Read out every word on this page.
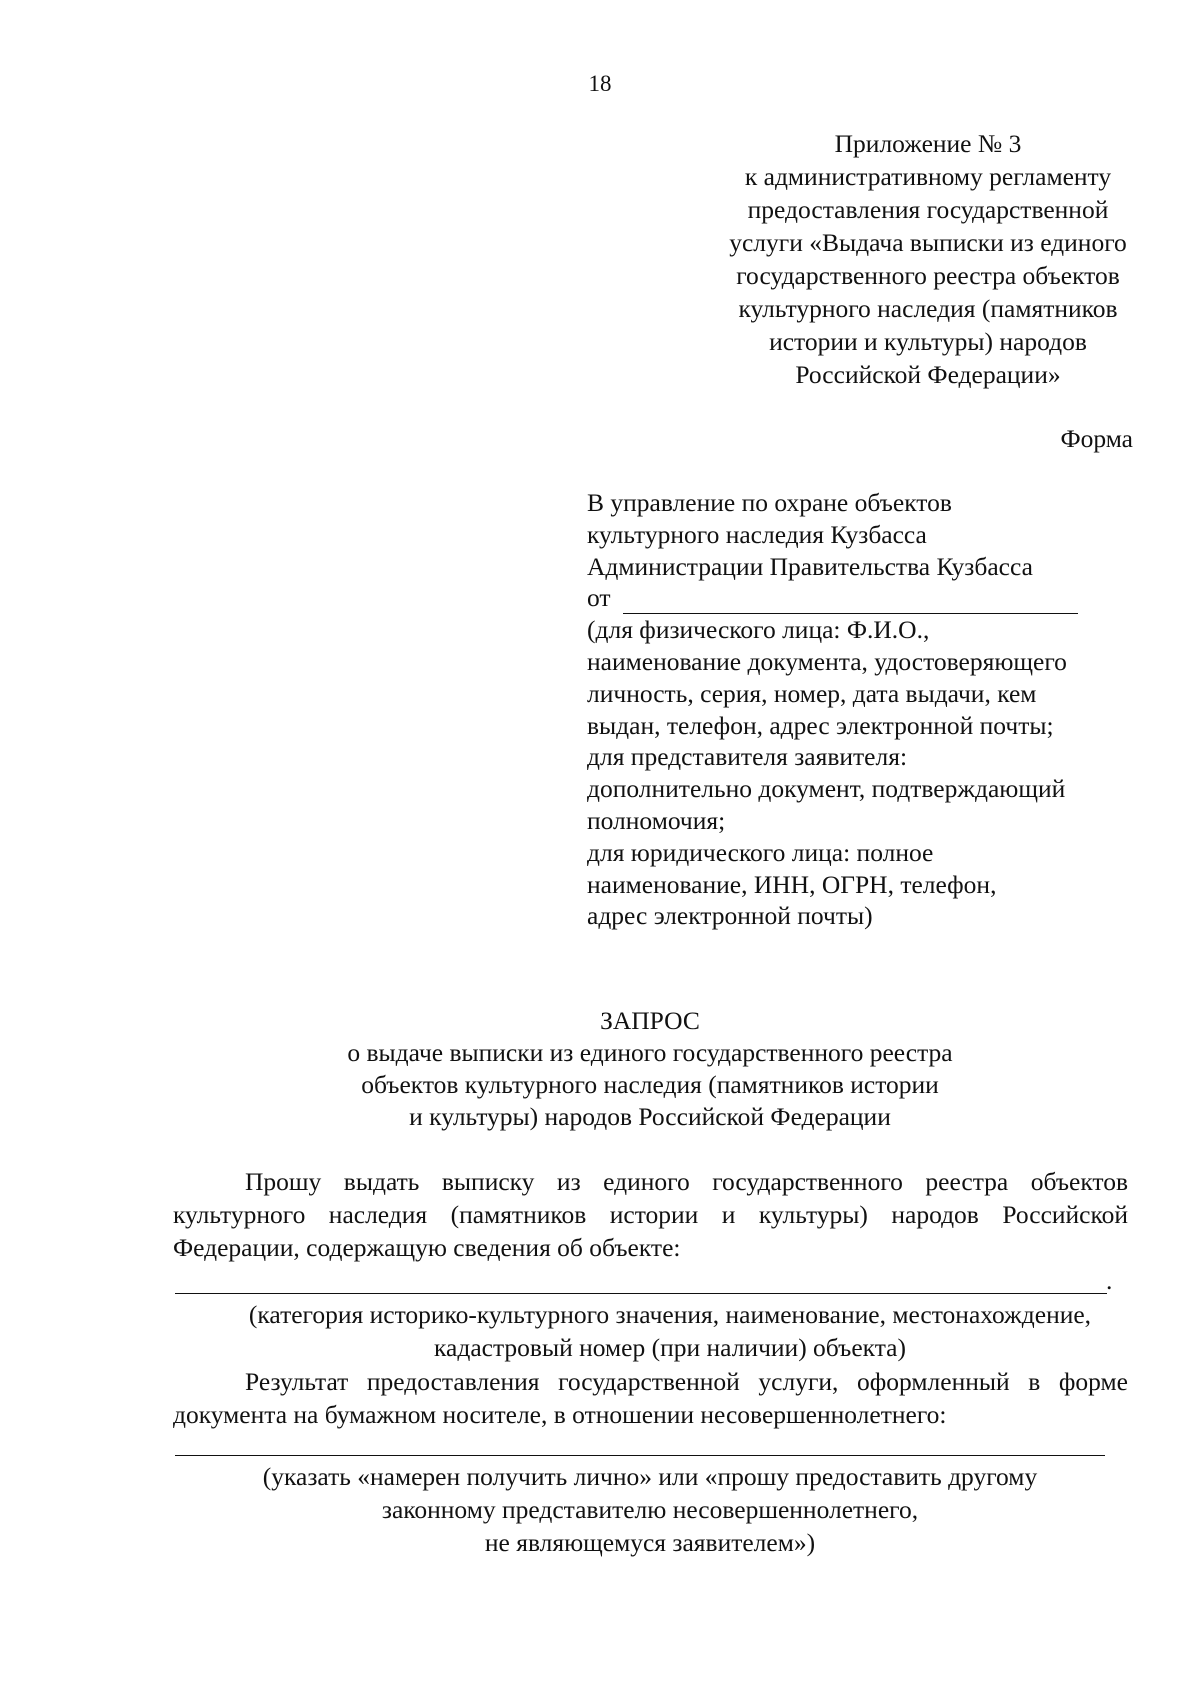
18
Приложение № 3
к административному регламенту
предоставления государственной
услуги «Выдача выписки из единого
государственного реестра объектов
культурного наследия (памятников
истории и культуры) народов
Российской Федерации»
Форма
В управление по охране объектов
культурного наследия Кузбасса
Администрации Правительства Кузбасса
от
(для физического лица: Ф.И.О.,
наименование документа, удостоверяющего
личность, серия, номер, дата выдачи, кем
выдан, телефон, адрес электронной почты;
для представителя заявителя:
дополнительно документ, подтверждающий
полномочия;
для юридического лица: полное
наименование, ИНН, ОГРН, телефон,
адрес электронной почты)
ЗАПРОС
о выдаче выписки из единого государственного реестра
объектов культурного наследия (памятников истории
и культуры) народов Российской Федерации
Прошу выдать выписку из единого государственного реестра объектов культурного наследия (памятников истории и культуры) народов Российской Федерации, содержащую сведения об объекте:
.
(категория историко-культурного значения, наименование, местонахождение,
кадастровый номер (при наличии) объекта)
Результат предоставления государственной услуги, оформленный в форме документа на бумажном носителе, в отношении несовершеннолетнего:
(указать «намерен получить лично» или «прошу предоставить другому
законному представителю несовершеннолетнего,
не являющемуся заявителем»)
